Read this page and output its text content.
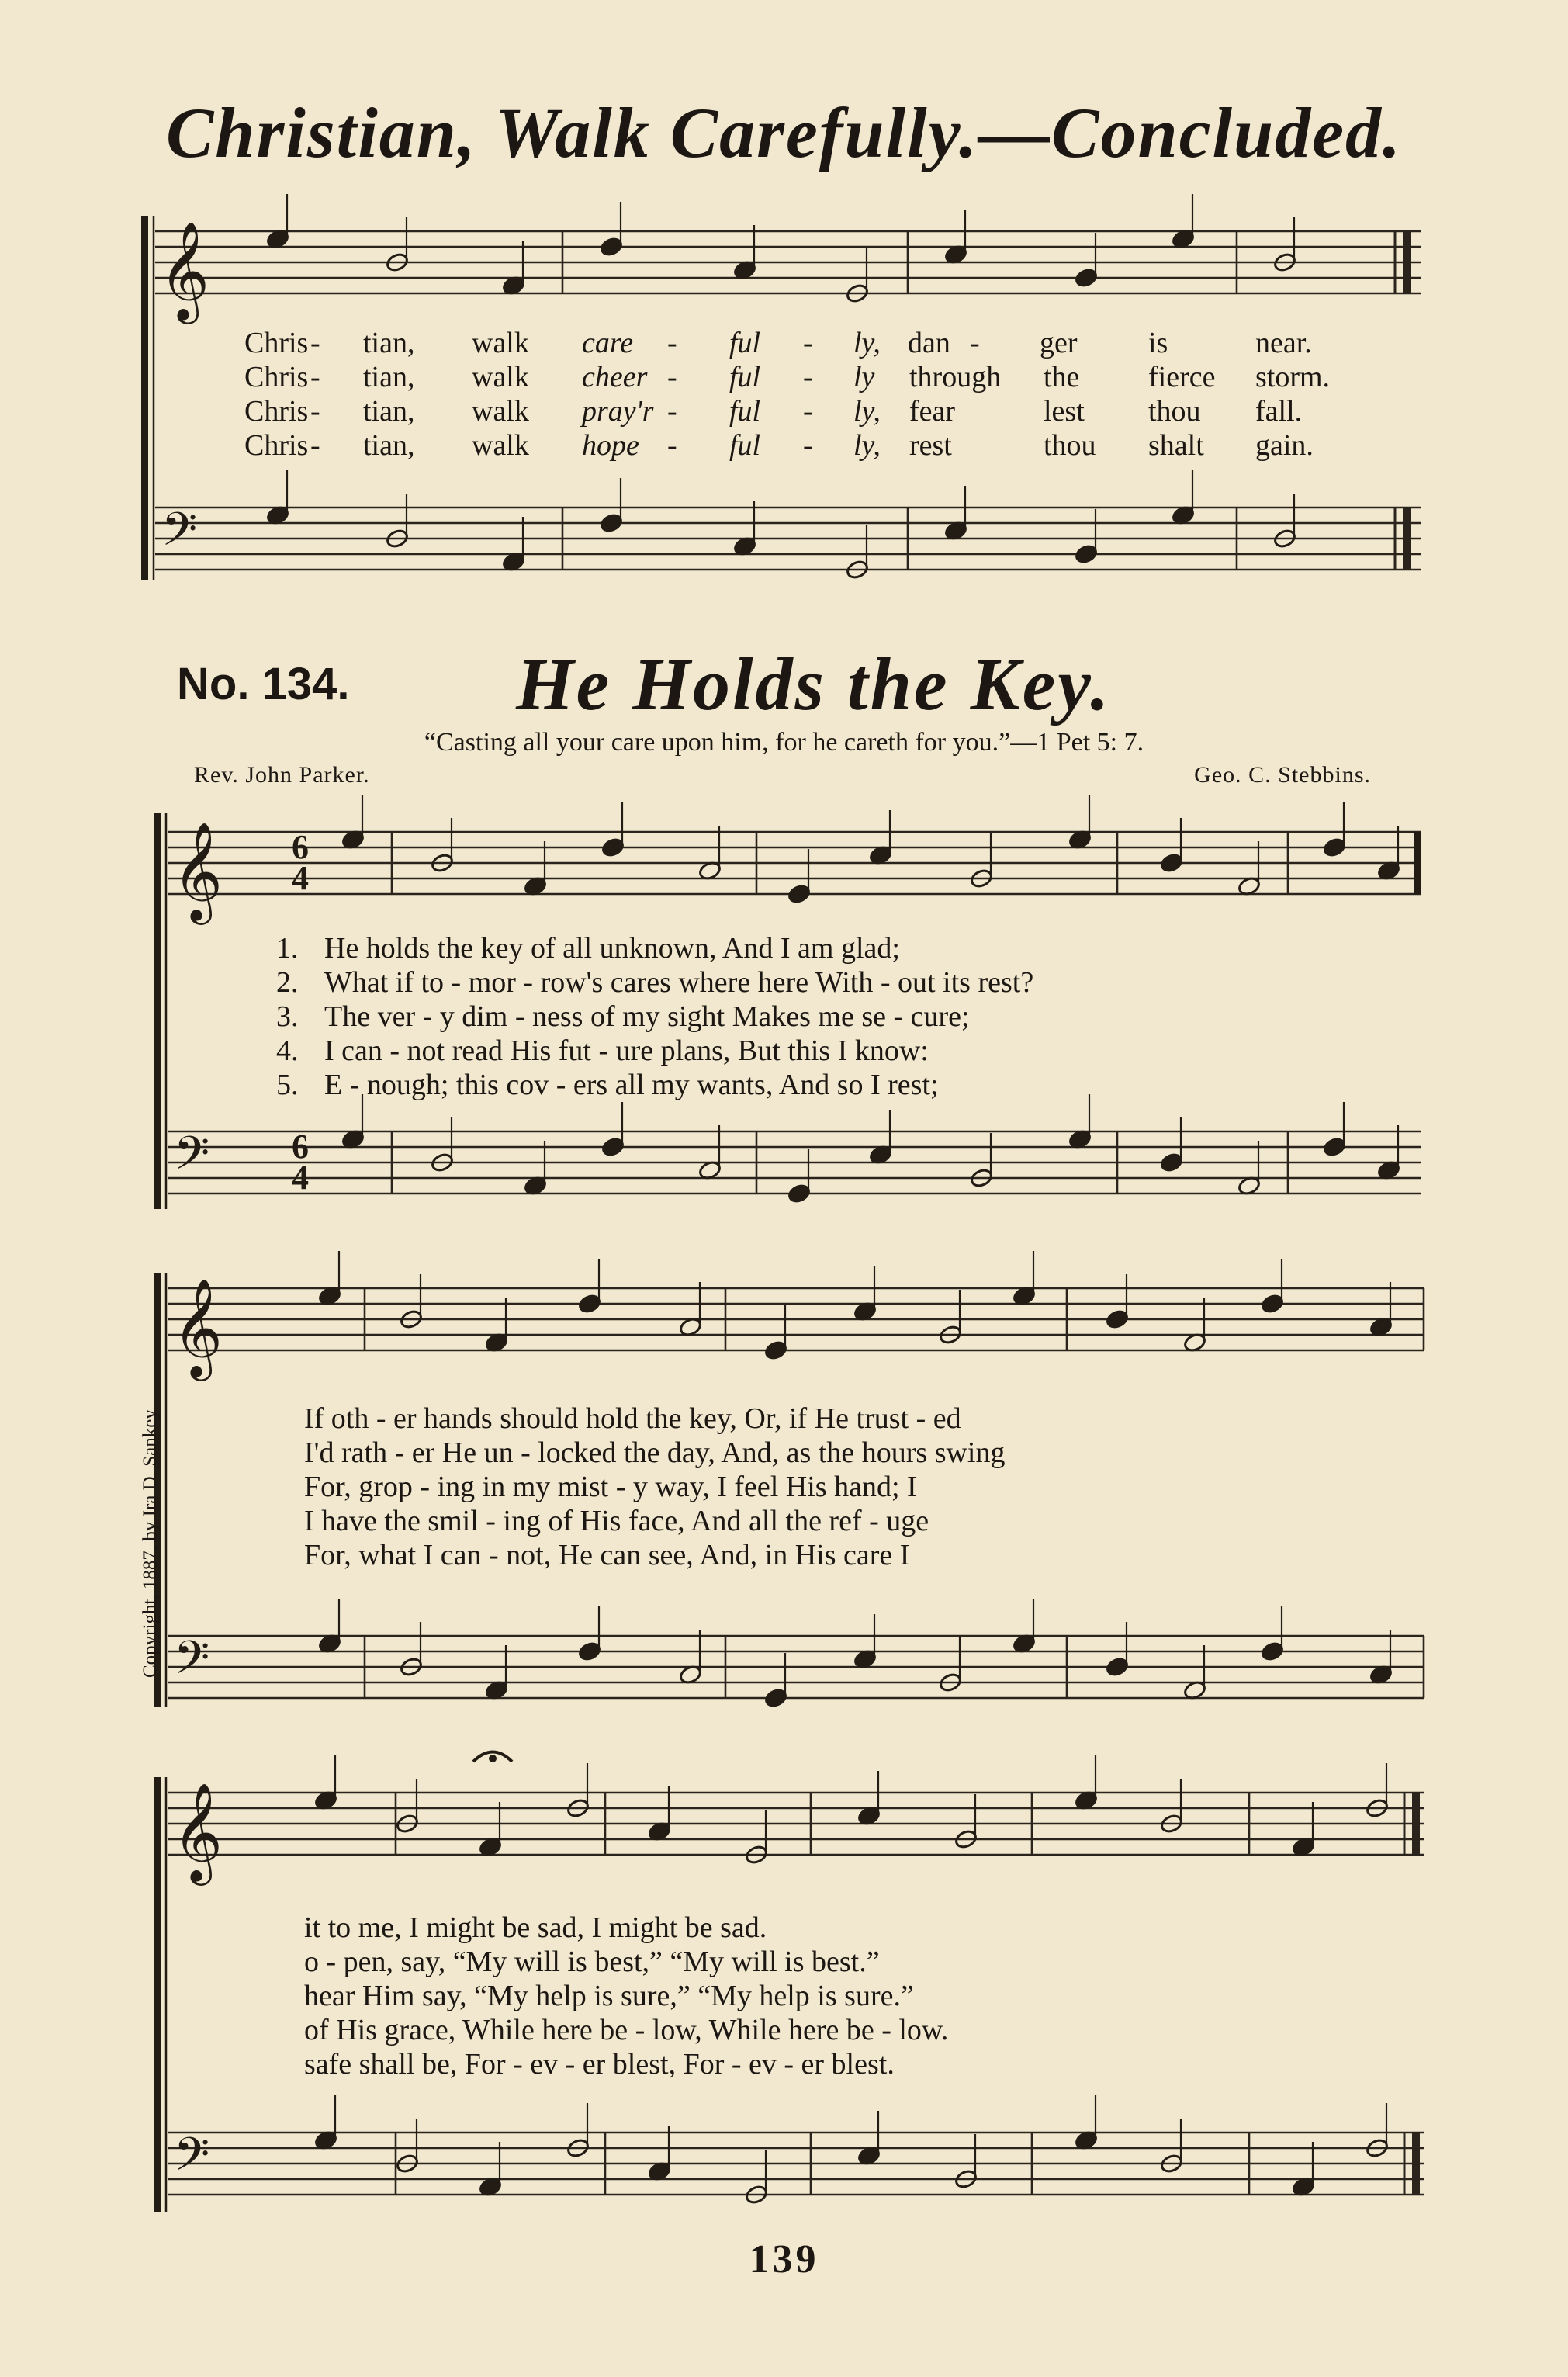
Christian, Walk Carefully.—Concluded.
𝄞
𝄢
𝄞
𝄢
𝄞
𝄢
𝄞
𝄢
6
4
6
4
Chris - tian, walk care - ful - ly, dan - ger is	near.
Chris - tian, walk cheer - ful - ly through the fierce storm.
Chris - tian, walk pray'r - ful - ly, fear	lest thou fall.
Chris - tian, walk hope - ful - ly, rest	thou shalt gain.
1. He holds the key of all unknown, And I am glad;
2. What if to - mor - row's cares where here With - out its rest?
3. The ver - y dim - ness of my sight Makes me se - cure;
4. I can - not read His fut - ure plans, But this I know:
5. E - nough; this cov - ers all my wants, And so I rest;
If oth - er hands should hold the key, Or, if He trust - ed
I'd rath - er He un - locked the day, And, as the hours swing
For, grop - ing in my mist - y way, I feel His hand; I
I have the smil - ing of His face, And all the ref - uge
For, what I can - not, He can see, And, in His care I
it to me, I might be sad, I might be sad.
o - pen, say, “My will is best,” “My will is best.”
hear Him say, “My help is sure,” “My help is sure.”
of His grace, While here be - low, While here be - low.
safe shall be, For - ev - er blest, For - ev - er blest.
No. 134. He Holds the Key.
“Casting all your care upon him, for he careth for you.”—1 Pet 5: 7.
Rev. John Parker.	Geo. C. Stebbins.
Copyright, 1887, by Ira D. Sankey.
139
